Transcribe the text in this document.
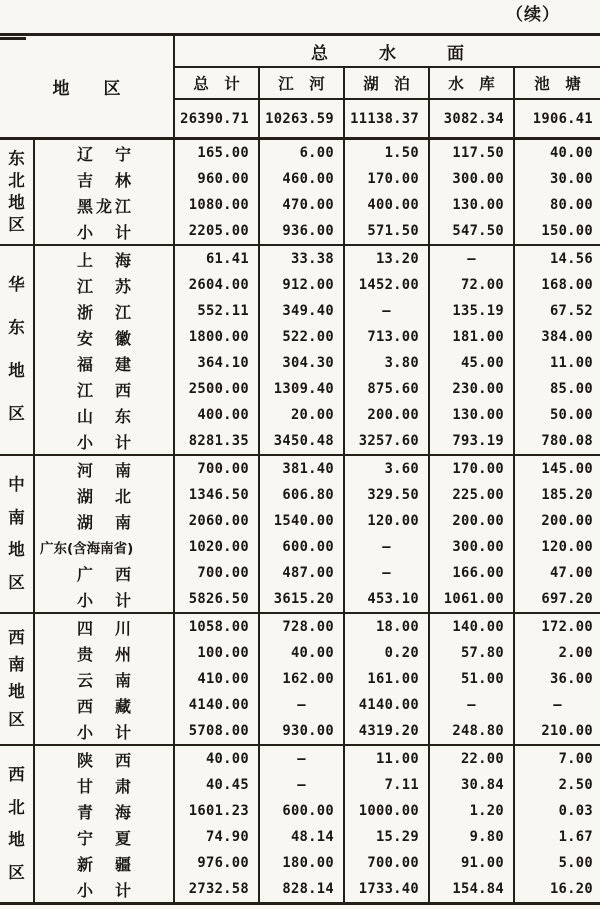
（续）
地　　区
总　　　水　　　面
总　计	江　河	湖　泊	水　库	池　塘
26390.71	10263.59	11138.37	3082.34	1906.41
东
北
地
区
辽　宁	165.00	6.00	1.50	117.50	40.00
吉　林	960.00	460.00	170.00	300.00	30.00
黑龙江	1080.00	470.00	400.00	130.00	80.00
小　计	2205.00	936.00	571.50	547.50	150.00
华
东
地
区
上　海	61.41	33.38	13.20	—	14.56
江　苏	2604.00	912.00	1452.00	72.00	168.00
浙　江	552.11	349.40	—	135.19	67.52
安　徽	1800.00	522.00	713.00	181.00	384.00
福　建	364.10	304.30	3.80	45.00	11.00
江　西	2500.00	1309.40	875.60	230.00	85.00
山　东	400.00	20.00	200.00	130.00	50.00
小　计	8281.35	3450.48	3257.60	793.19	780.08
中
南
地
区
河　南	700.00	381.40	3.60	170.00	145.00
湖　北	1346.50	606.80	329.50	225.00	185.20
湖　南	2060.00	1540.00	120.00	200.00	200.00
广东(含海南省)	1020.00	600.00	—	300.00	120.00
广　西	700.00	487.00	—	166.00	47.00
小　计	5826.50	3615.20	453.10	1061.00	697.20
西
南
地
区
四　川	1058.00	728.00	18.00	140.00	172.00
贵　州	100.00	40.00	0.20	57.80	2.00
云　南	410.00	162.00	161.00	51.00	36.00
西　藏	4140.00	—	4140.00	—	—
小　计	5708.00	930.00	4319.20	248.80	210.00
西
北
地
区
陕　西	40.00	—	11.00	22.00	7.00
甘　肃	40.45	—	7.11	30.84	2.50
青　海	1601.23	600.00	1000.00	1.20	0.03
宁　夏	74.90	48.14	15.29	9.80	1.67
新　疆	976.00	180.00	700.00	91.00	5.00
小　计	2732.58	828.14	1733.40	154.84	16.20
